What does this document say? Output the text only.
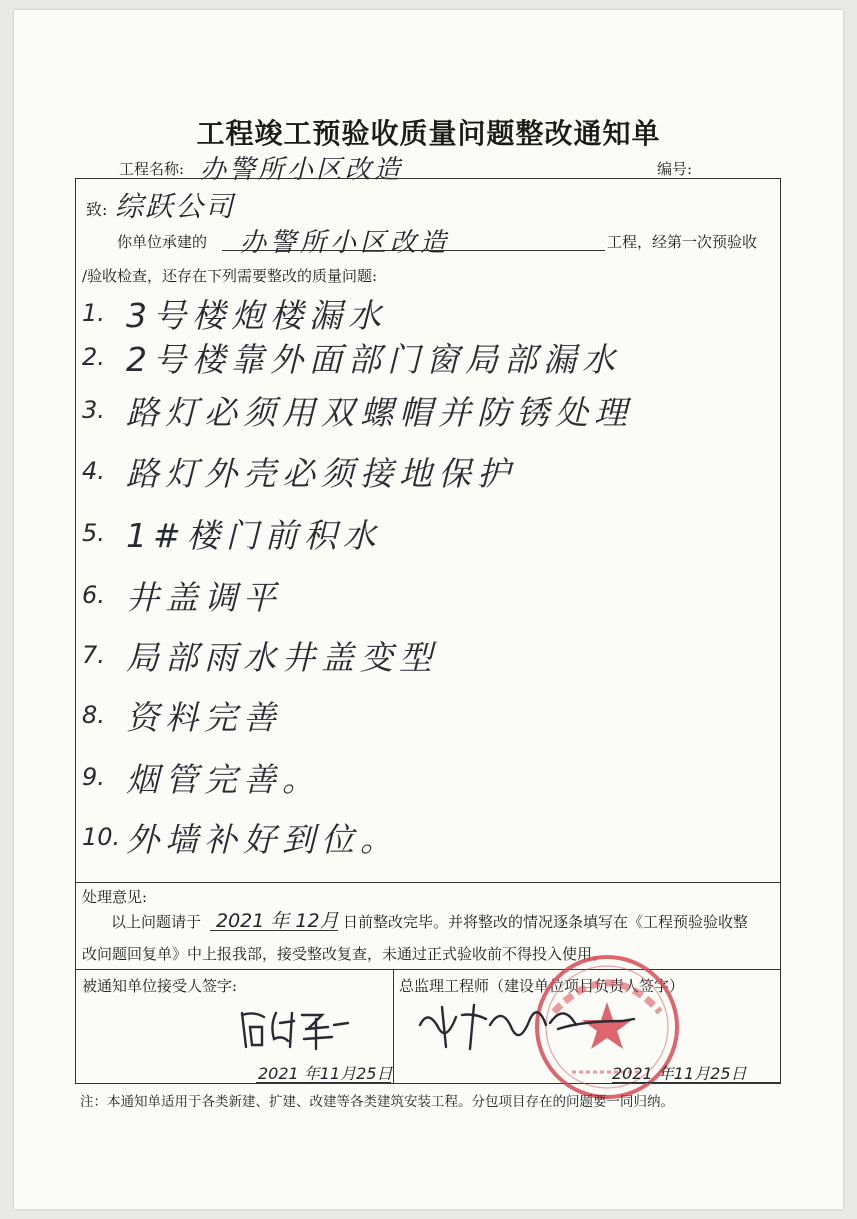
工程竣工预验收质量问题整改通知单
工程名称: 办警所小区改造	编号:
致: 综跃公司
你单位承建的 办警所小区改造	工程，经第一次预验收
/验收检查，还存在下列需要整改的质量问题:
1. 3号楼炮楼漏水
2. 2号楼靠外面部门窗局部漏水
3. 路灯必须用双螺帽并防锈处理
4. 路灯外壳必须接地保护
5. 1#楼门前积水
6. 井盖调平
7. 局部雨水井盖变型
8. 资料完善
9. 烟管完善。
10. 外墙补好到位。
处理意见:
以上问题请于 2021 年 12月 日前整改完毕。并将整改的情况逐条填写在《工程预验验收整
改问题回复单》中上报我部，接受整改复查，未通过正式验收前不得投入使用。
被通知单位接受人签字:
2021 年11月25日
总监理工程师（建设单位项目负责人签字）
2021 年11月25日
注：本通知单适用于各类新建、扩建、改建等各类建筑安装工程。分包项目存在的问题要一同归纳。
